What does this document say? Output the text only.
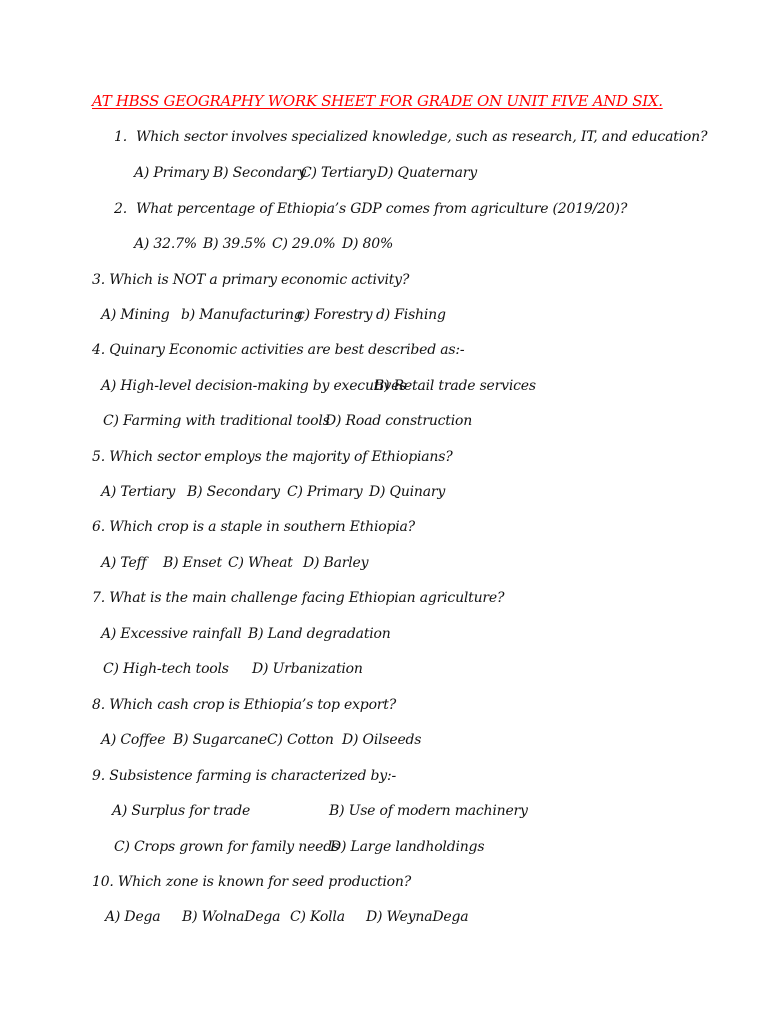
AT HBSS GEOGRAPHY WORK SHEET FOR GRADE ON UNIT FIVE AND SIX.
1. Which sector involves specialized knowledge, such as research, IT, and education?
A) Primary B) Secondary
C) Tertiary D) Quaternary
2. What percentage of Ethiopia’s GDP comes from agriculture (2019/20)?
A) 32.7% B) 39.5% C) 29.0% D) 80%
3. Which is NOT a primary economic activity?
A) Mining b) Manufacturing
c) Forestry d) Fishing
4. Quinary Economic activities are best described as:-
A) High-level decision-making by executives
B) Retail trade services
C) Farming with traditional tools
D) Road construction
5. Which sector employs the majority of Ethiopians?
A) Tertiary B) Secondary C) Primary D) Quinary
6. Which crop is a staple in southern Ethiopia?
A) Teff B) Enset C) Wheat D) Barley
7. What is the main challenge facing Ethiopian agriculture?
A) Excessive rainfall B) Land degradation
C) High-tech tools D) Urbanization
8. Which cash crop is Ethiopia’s top export?
A) Coffee B) Sugarcane C) Cotton D) Oilseeds
9. Subsistence farming is characterized by:-
A) Surplus for trade	B) Use of modern machinery
C) Crops grown for family needs
D) Large landholdings
10. Which zone is known for seed production?
A) Dega B) WolnaDega C) Kolla D) WeynaDega
